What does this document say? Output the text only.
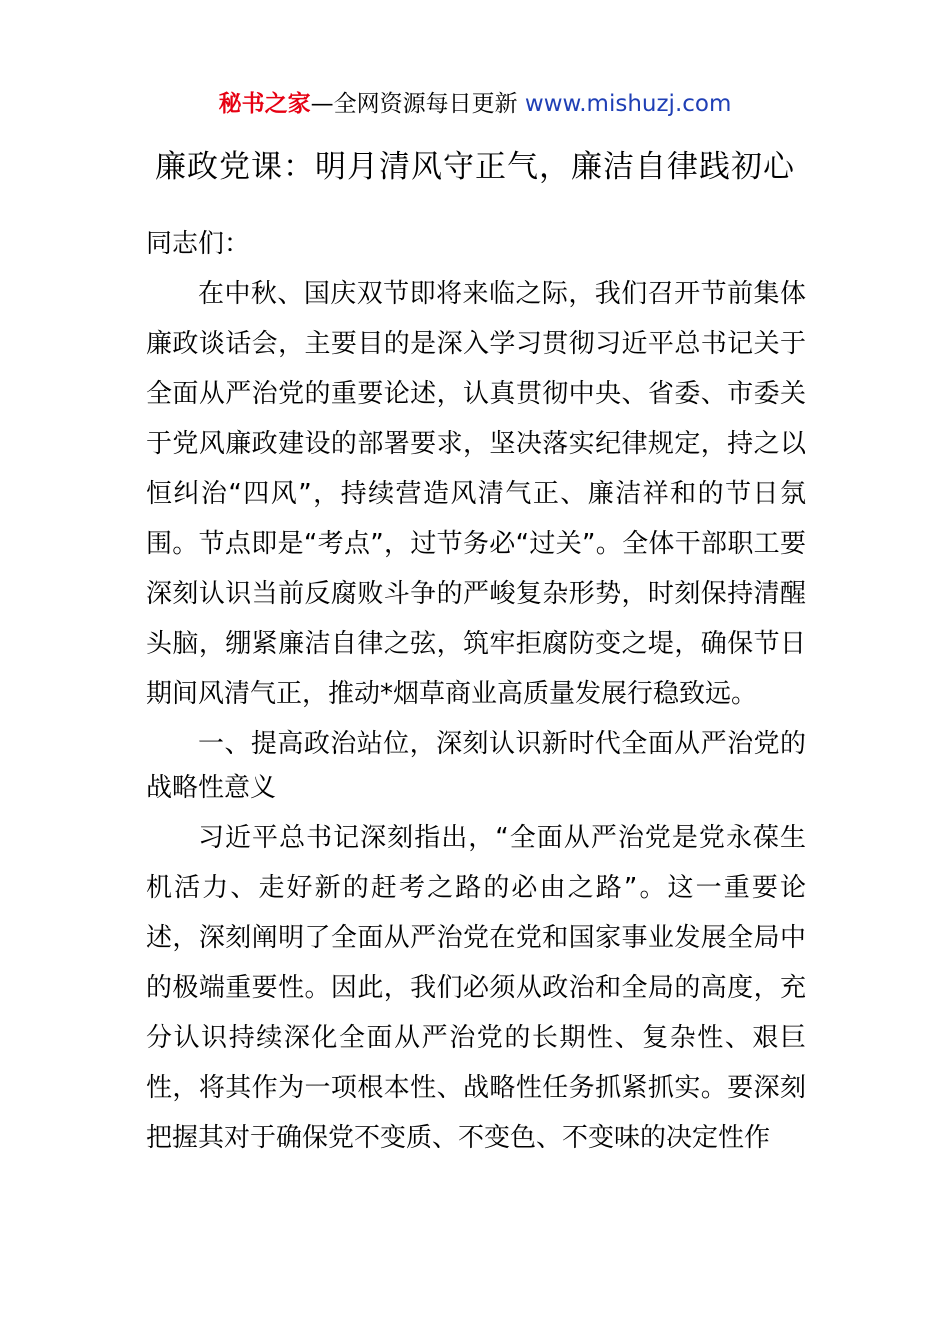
秘书之家—全网资源每日更新 www.mishuzj.com
廉政党课：明月清风守正气，廉洁自律践初心

同志们：

在中秋、国庆双节即将来临之际，我们召开节前集体廉政谈话会，主要目的是深入学习贯彻习近平总书记关于全面从严治党的重要论述，认真贯彻中央、省委、市委关于党风廉政建设的部署要求，坚决落实纪律规定，持之以恒纠治“四风”，持续营造风清气正、廉洁祥和的节日氛围。节点即是“考点”，过节务必“过关”。全体干部职工要深刻认识当前反腐败斗争的严峻复杂形势，时刻保持清醒头脑，绷紧廉洁自律之弦，筑牢拒腐防变之堤，确保节日期间风清气正，推动*烟草商业高质量发展行稳致远。

一、提高政治站位，深刻认识新时代全面从严治党的战略性意义

习近平总书记深刻指出，“全面从严治党是党永葆生机活力、走好新的赶考之路的必由之路”。这一重要论述，深刻阐明了全面从严治党在党和国家事业发展全局中的极端重要性。因此，我们必须从政治和全局的高度，充分认识持续深化全面从严治党的长期性、复杂性、艰巨性，将其作为一项根本性、战略性任务抓紧抓实。要深刻把握其对于确保党不变质、不变色、不变味的决定性作
